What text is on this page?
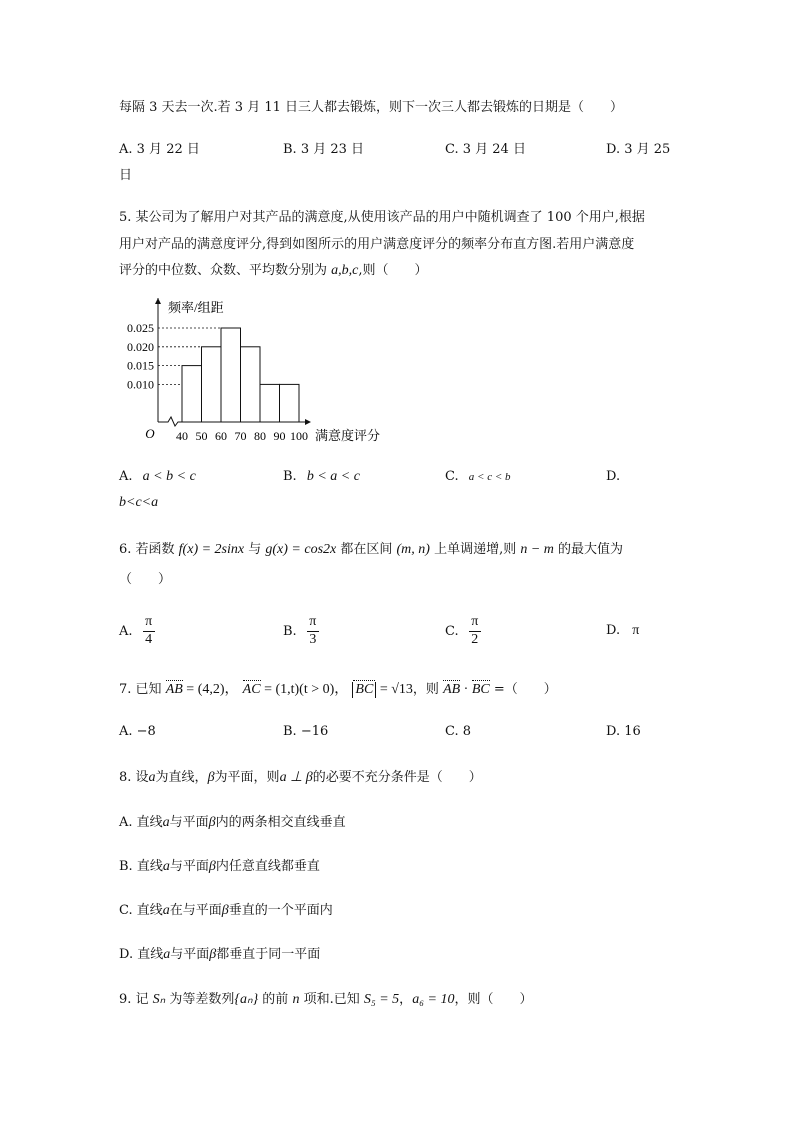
每隔 3 天去一次.若 3 月 11 日三人都去锻炼，则下一次三人都去锻炼的日期是（　　）
A. 3 月 22 日	B. 3 月 23 日	C. 3 月 24 日	D. 3 月 25
日
5. 某公司为了解用户对其产品的满意度,从使用该产品的用户中随机调查了 100 个用户,根据
用户对产品的满意度评分,得到如图所示的用户满意度评分的频率分布直方图.若用户满意度
评分的中位数、众数、平均数分别为 a,b,c,则（　　）
0.010
0.015
0.020
0.025
40 50 60 70 80 90 100
O	满意度评分
频率/组距
A. a < b < c	B. b < a < c	C. a < c < b	D.
b<c<a
6. 若函数 f(x) = 2sinx 与 g(x) = cos2x 都在区间 (m, n) 上单调递增,则 n − m 的最大值为
（　　）
A. $\frac{\pi}{4}$	B. $\frac{\pi}{3}$	C. $\frac{\pi}{2}$	D. π
7. 已知 AB = (4,2)， AC = (1,t)(t > 0)， BC = √13，则 AB · BC =（　　）
A. −8	B. −16	C. 8	D. 16
8. 设a为直线，β为平面，则a ⊥ β的必要不充分条件是（　　）
A. 直线a与平面β内的两条相交直线垂直
B. 直线a与平面β内任意直线都垂直
C. 直线a在与平面β垂直的一个平面内
D. 直线a与平面β都垂直于同一平面
9. 记 Sₙ 为等差数列{aₙ} 的前 n 项和.已知 S₅ = 5，a₆ = 10，则（　　）
